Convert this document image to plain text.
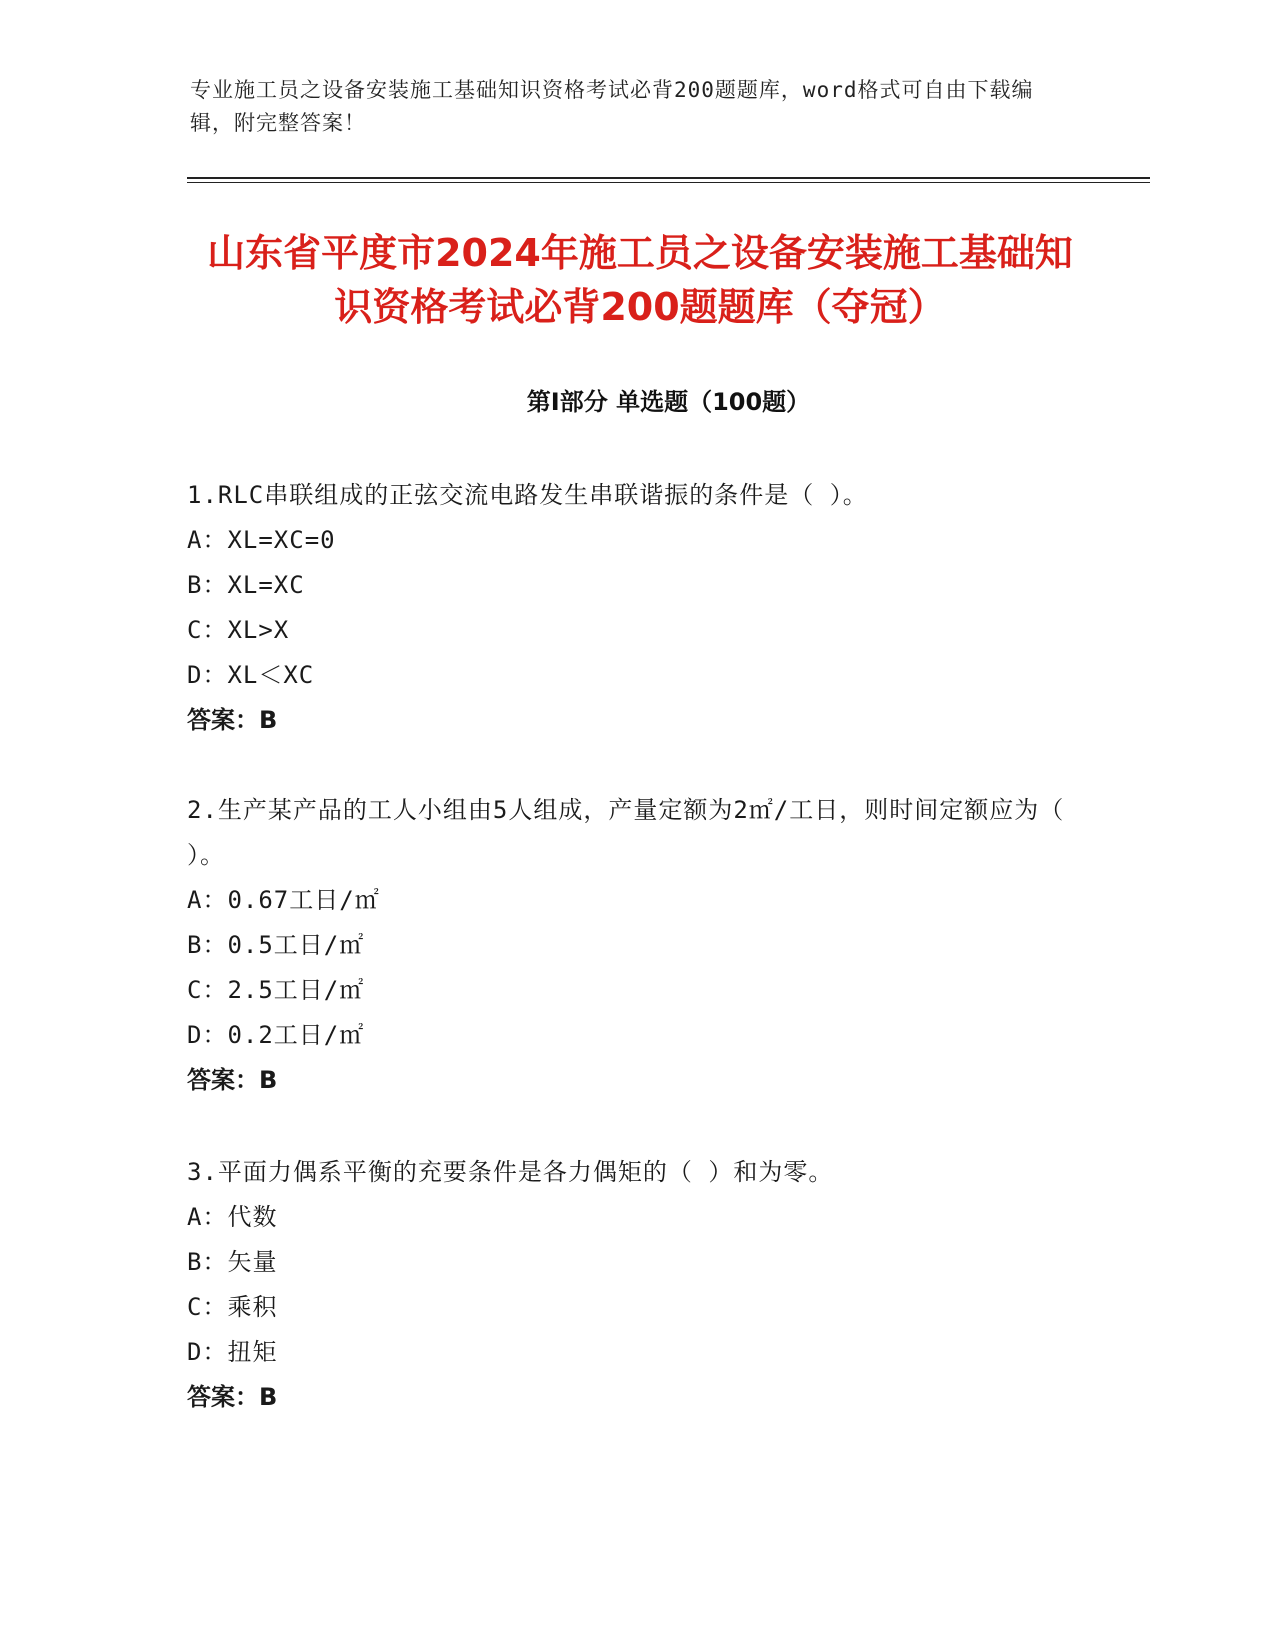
专业施工员之设备安装施工基础知识资格考试必背200题题库，word格式可自由下载编辑，附完整答案！
山东省平度市2024年施工员之设备安装施工基础知识资格考试必背200题题库（夺冠）
第Ⅰ部分 单选题（100题）

1.RLC串联组成的正弦交流电路发生串联谐振的条件是（ ）。

A：XL=XC=0

B：XL=XC

C：XL>X

D：XL＜XC

答案：B

2.生产某产品的工人小组由5人组成，产量定额为2㎡/工日，则时间定额应为（ ）。

A：0.67工日/㎡

B：0.5工日/㎡

C：2.5工日/㎡

D：0.2工日/㎡

答案：B

3.平面力偶系平衡的充要条件是各力偶矩的（ ）和为零。

A：代数

B：矢量

C：乘积

D：扭矩

答案：B
